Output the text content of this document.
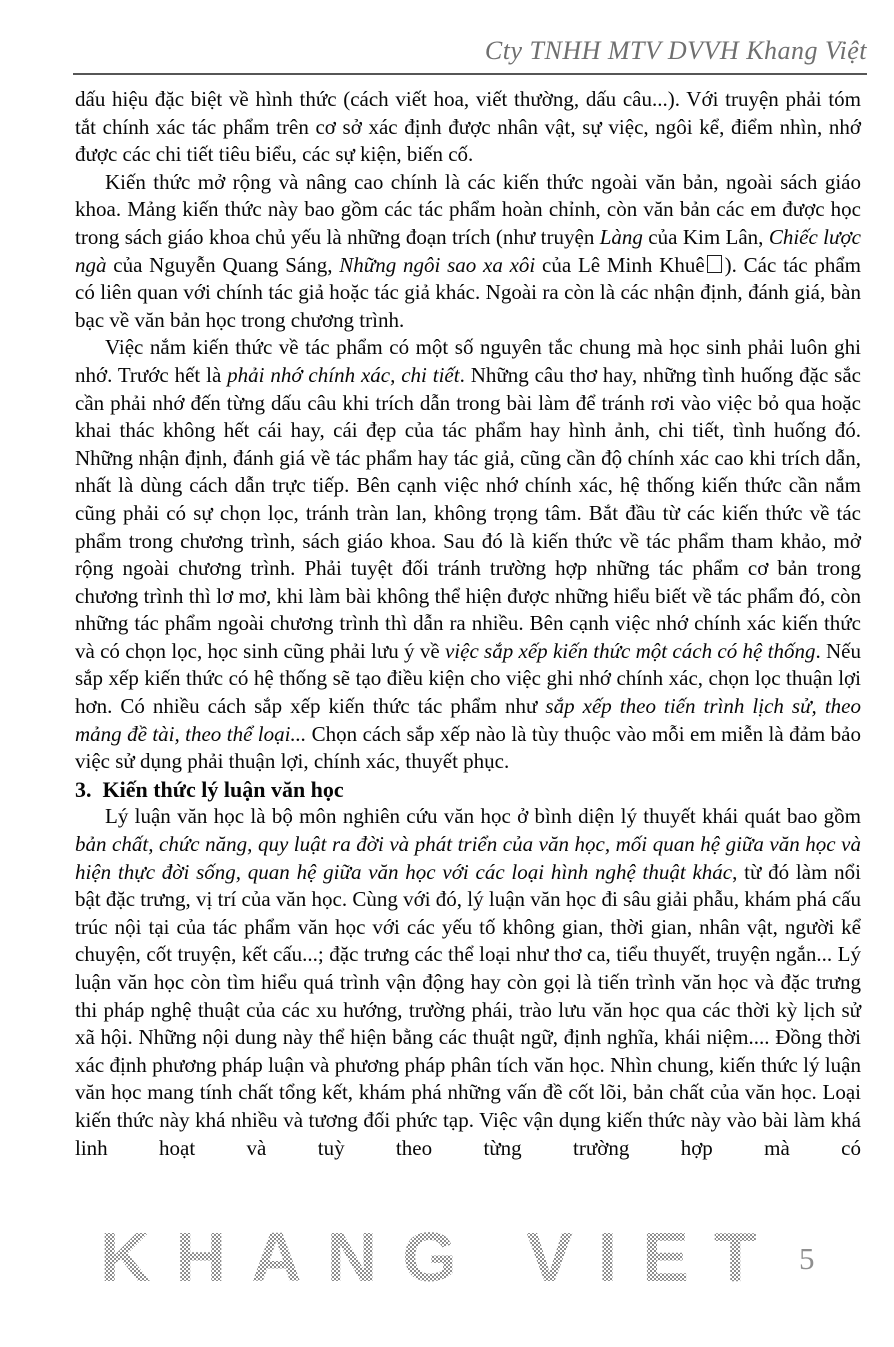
Cty TNHH MTV DVVH Khang Việt

dấu hiệu đặc biệt về hình thức (cách viết hoa, viết thường, dấu câu...). Với truyện phải tóm tắt chính xác tác phẩm trên cơ sở xác định được nhân vật, sự việc, ngôi kể, điểm nhìn, nhớ được các chi tiết tiêu biểu, các sự kiện, biến cố.

Kiến thức mở rộng và nâng cao chính là các kiến thức ngoài văn bản, ngoài sách giáo khoa. Mảng kiến thức này bao gồm các tác phẩm hoàn chỉnh, còn văn bản các em được học trong sách giáo khoa chủ yếu là những đoạn trích (như truyện Làng của Kim Lân, Chiếc lược ngà của Nguyễn Quang Sáng, Những ngôi sao xa xôi của Lê Minh Khuê ). Các tác phẩm có liên quan với chính tác giả hoặc tác giả khác. Ngoài ra còn là các nhận định, đánh giá, bàn bạc về văn bản học trong chương trình.

Việc nắm kiến thức về tác phẩm có một số nguyên tắc chung mà học sinh phải luôn ghi nhớ. Trước hết là phải nhớ chính xác, chi tiết. Những câu thơ hay, những tình huống đặc sắc cần phải nhớ đến từng dấu câu khi trích dẫn trong bài làm để tránh rơi vào việc bỏ qua hoặc khai thác không hết cái hay, cái đẹp của tác phẩm hay hình ảnh, chi tiết, tình huống đó. Những nhận định, đánh giá về tác phẩm hay tác giả, cũng cần độ chính xác cao khi trích dẫn, nhất là dùng cách dẫn trực tiếp. Bên cạnh việc nhớ chính xác, hệ thống kiến thức cần nắm cũng phải có sự chọn lọc, tránh tràn lan, không trọng tâm. Bắt đầu từ các kiến thức về tác phẩm trong chương trình, sách giáo khoa. Sau đó là kiến thức về tác phẩm tham khảo, mở rộng ngoài chương trình. Phải tuyệt đối tránh trường hợp những tác phẩm cơ bản trong chương trình thì lơ mơ, khi làm bài không thể hiện được những hiểu biết về tác phẩm đó, còn những tác phẩm ngoài chương trình thì dẫn ra nhiều. Bên cạnh việc nhớ chính xác kiến thức và có chọn lọc, học sinh cũng phải lưu ý về việc sắp xếp kiến thức một cách có hệ thống. Nếu sắp xếp kiến thức có hệ thống sẽ tạo điều kiện cho việc ghi nhớ chính xác, chọn lọc thuận lợi hơn. Có nhiều cách sắp xếp kiến thức tác phẩm như sắp xếp theo tiến trình lịch sử, theo mảng đề tài, theo thể loại... Chọn cách sắp xếp nào là tùy thuộc vào mỗi em miễn là đảm bảo việc sử dụng phải thuận lợi, chính xác, thuyết phục.

3. Kiến thức lý luận văn học

Lý luận văn học là bộ môn nghiên cứu văn học ở bình diện lý thuyết khái quát bao gồm bản chất, chức năng, quy luật ra đời và phát triển của văn học, mối quan hệ giữa văn học và hiện thực đời sống, quan hệ giữa văn học với các loại hình nghệ thuật khác, từ đó làm nổi bật đặc trưng, vị trí của văn học. Cùng với đó, lý luận văn học đi sâu giải phẫu, khám phá cấu trúc nội tại của tác phẩm văn học với các yếu tố không gian, thời gian, nhân vật, người kể chuyện, cốt truyện, kết cấu...; đặc trưng các thể loại như thơ ca, tiểu thuyết, truyện ngắn... Lý luận văn học còn tìm hiểu quá trình vận động hay còn gọi là tiến trình văn học và đặc trưng thi pháp nghệ thuật của các xu hướng, trường phái, trào lưu văn học qua các thời kỳ lịch sử xã hội. Những nội dung này thể hiện bằng các thuật ngữ, định nghĩa, khái niệm.... Đồng thời xác định phương pháp luận và phương pháp phân tích văn học. Nhìn chung, kiến thức lý luận văn học mang tính chất tổng kết, khám phá những vấn đề cốt lõi, bản chất của văn học. Loại kiến thức này khá nhiều và tương đối phức tạp. Việc vận dụng kiến thức này vào bài làm khá linh hoạt và tuỳ theo từng trường hợp mà có

KHANG VIET 5
